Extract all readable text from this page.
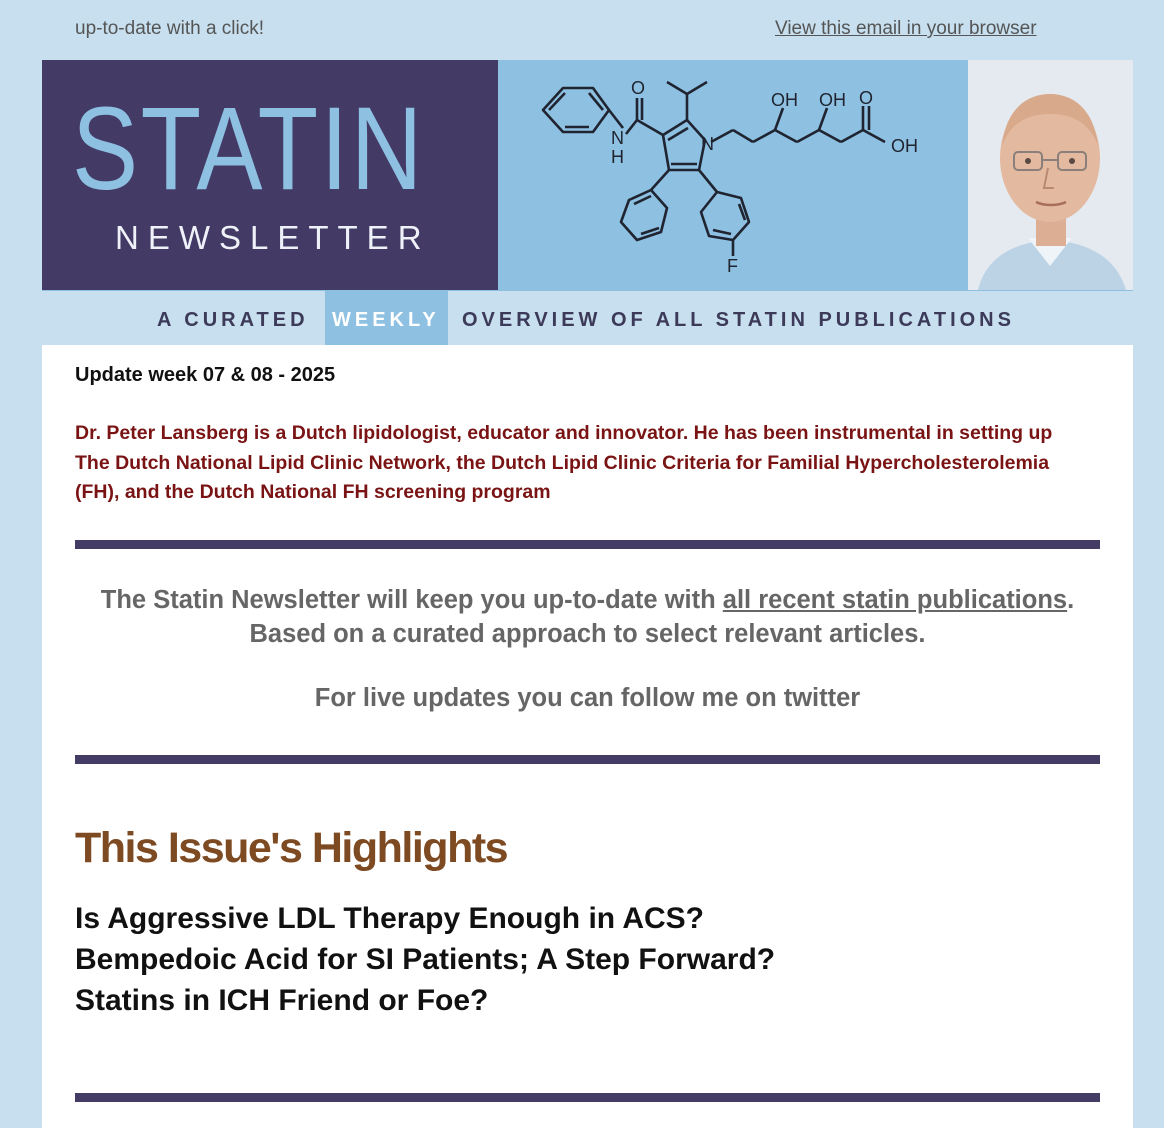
up-to-date with a click!	View this email in your browser
STATIN
NEWSLETTER
O
N
H
N
OH OH O
OH
F
A CURATED WEEKLY OVERVIEW OF ALL STATIN PUBLICATIONS
Update week 07 & 08 - 2025
Dr. Peter Lansberg is a Dutch lipidologist, educator and innovator. He has been instrumental in setting up The Dutch National Lipid Clinic Network, the Dutch Lipid Clinic Criteria for Familial Hypercholesterolemia (FH), and the Dutch National FH screening program
The Statin Newsletter will keep you up-to-date with all recent statin publications. Based on a curated approach to select relevant articles.
For live updates you can follow me on twitter
This Issue's Highlights
Is Aggressive LDL Therapy Enough in ACS?
Bempedoic Acid for SI Patients; A Step Forward?
Statins in ICH Friend or Foe?
